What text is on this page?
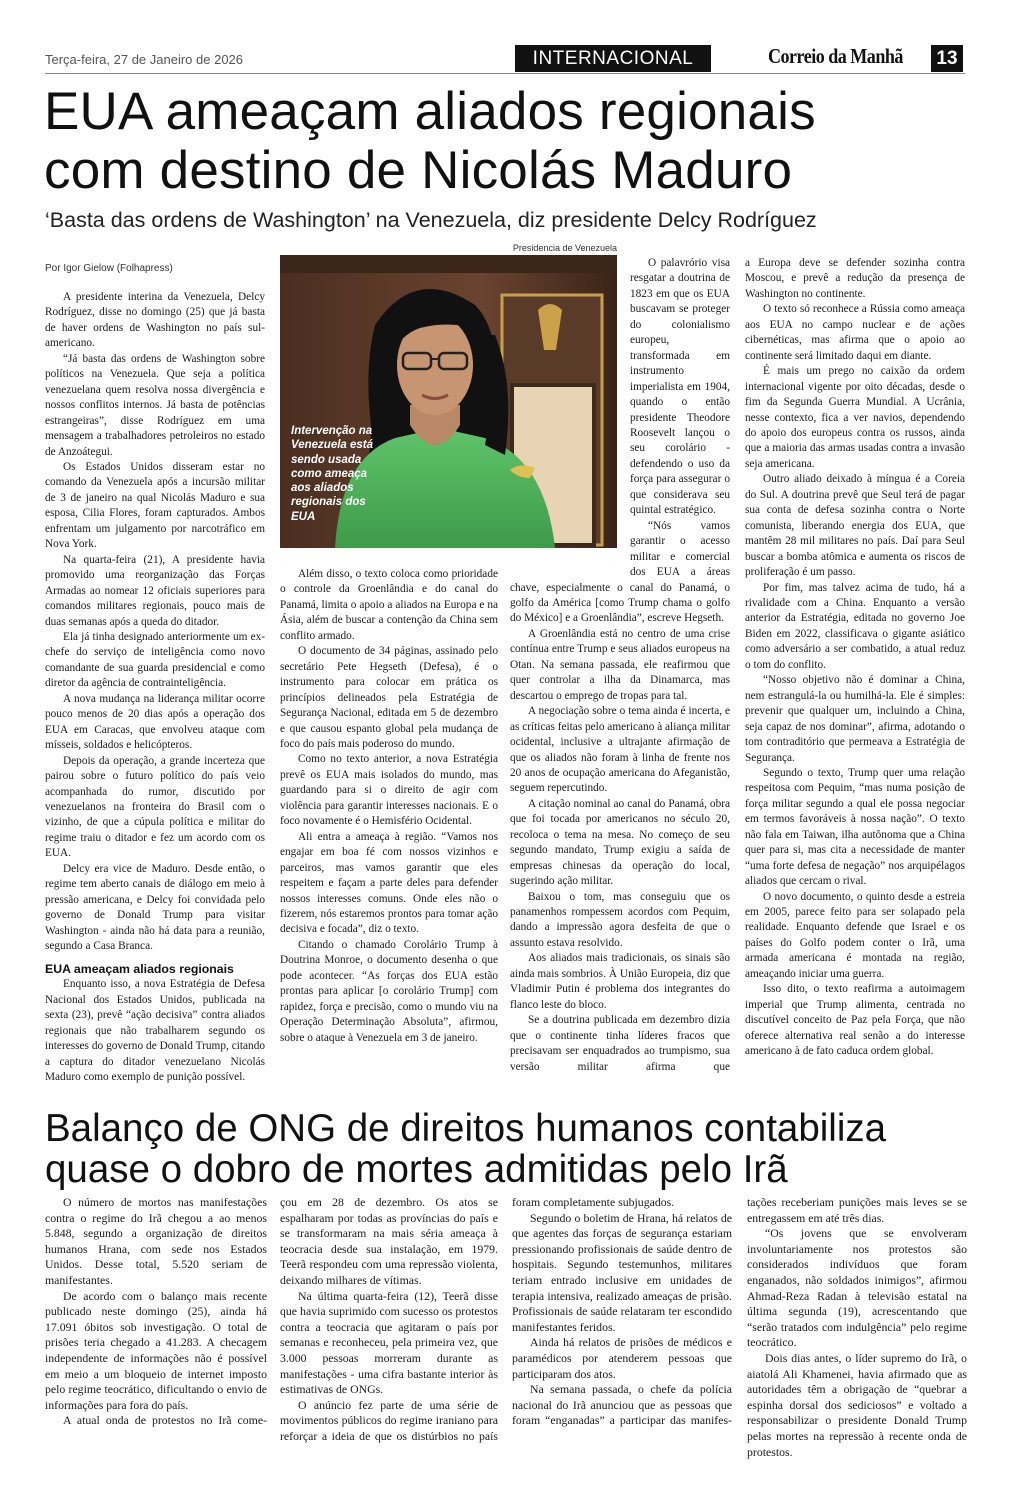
Terça-feira, 27 de Janeiro de 2026	INTERNACIONAL	Correio da Manhã 13
EUA ameaçam aliados regionais
com destino de Nicolás Maduro
‘Basta das ordens de Washington’ na Venezuela, diz presidente Delcy Rodríguez
Por Igor Gielow (Folhapress)
Presidencia de Venezuela
Intervenção na Venezuela está sendo usada como ameaça aos aliados regionais dos EUA

A presidente interina da Venezuela, Delcy Rodríguez, disse no domingo (25) que já basta de haver ordens de Washington no país sul-americano.

“Já basta das ordens de Washington sobre políticos na Venezuela. Que seja a política venezuelana quem resolva nossa divergência e nossos conflitos internos. Já basta de potências estrangeiras”, disse Rodríguez em uma mensagem a trabalhadores petroleiros no estado de Anzoátegui.

Os Estados Unidos disseram estar no comando da Venezuela após a incursão militar de 3 de janeiro na qual Nicolás Maduro e sua esposa, Cilia Flores, foram capturados. Ambos enfrentam um julgamento por narcotráfico em Nova York.

Na quarta-feira (21), A presidente havia promovido uma reorganização das Forças Armadas ao nomear 12 oficiais superiores para comandos militares regionais, pouco mais de duas semanas após a queda do ditador.

Ela já tinha designado anteriormente um ex-chefe do serviço de inteligência como novo comandante de sua guarda presidencial e como diretor da agência de contrainteligência.

A nova mudança na liderança militar ocorre pouco menos de 20 dias após a operação dos EUA em Caracas, que envolveu ataque com mísseis, soldados e helicópteros.

Depois da operação, a grande incerteza que pairou sobre o futuro político do país veio acompanhada do rumor, discutido por venezuelanos na fronteira do Brasil com o vizinho, de que a cúpula política e militar do regime traiu o ditador e fez um acordo com os EUA.

Delcy era vice de Maduro. Desde então, o regime tem aberto canais de diálogo em meio à pressão americana, e Delcy foi convidada pelo governo de Donald Trump para visitar Washington - ainda não há data para a reunião, segundo a Casa Branca.

EUA ameaçam aliados regionais

Enquanto isso, a nova Estratégia de Defesa Nacional dos Estados Unidos, publicada na sexta (23), prevê “ação decisiva” contra aliados regionais que não trabalharem segundo os interesses do governo de Donald Trump, citando a captura do ditador venezuelano Nicolás Maduro como exemplo de punição possível.

Além disso, o texto coloca como prioridade o controle da Groenlândia e do canal do Panamá, limita o apoio a aliados na Europa e na Ásia, além de buscar a contenção da China sem conflito armado.

O documento de 34 páginas, assinado pelo secretário Pete Hegseth (Defesa), é o instrumento para colocar em prática os princípios delineados pela Estratégia de Segurança Nacional, editada em 5 de dezembro e que causou espanto global pela mudança de foco do país mais poderoso do mundo.

Como no texto anterior, a nova Estratégia prevê os EUA mais isolados do mundo, mas guardando para si o direito de agir com violência para garantir interesses nacionais. E o foco novamente é o Hemisfério Ocidental.

Ali entra a ameaça à região. “Vamos nos engajar em boa fé com nossos vizinhos e parceiros, mas vamos garantir que eles respeitem e façam a parte deles para defender nossos interesses comuns. Onde eles não o fizerem, nós estaremos prontos para tomar ação decisiva e focada”, diz o texto.

Citando o chamado Corolário Trump à Doutrina Monroe, o documento desenha o que pode acontecer. “As forças dos EUA estão prontas para aplicar [o corolário Trump] com rapidez, força e precisão, como o mundo viu na Operação Determinação Absoluta”, afirmou, sobre o ataque à Venezuela em 3 de janeiro.

O palavrório visa resgatar a doutrina de 1823 em que os EUA buscavam se proteger do colonialismo europeu, transformada em instrumento imperialista em 1904, quando o então presidente Theodore Roosevelt lançou o seu corolário - defendendo o uso da força para assegurar o que considerava seu quintal estratégico.

“Nós vamos garantir o acesso militar e comercial dos EUA a áreas chave, especialmente o canal do Panamá, o golfo da América [como Trump chama o golfo do México] e a Groenlândia”, escreve Hegseth.

A Groenlândia está no centro de uma crise contínua entre Trump e seus aliados europeus na Otan. Na semana passada, ele reafirmou que quer controlar a ilha da Dinamarca, mas descartou o emprego de tropas para tal.

A negociação sobre o tema ainda é incerta, e as críticas feitas pelo americano à aliança militar ocidental, inclusive a ultrajante afirmação de que os aliados não foram à linha de frente nos 20 anos de ocupação americana do Afeganistão, seguem repercutindo.

A citação nominal ao canal do Panamá, obra que foi tocada por americanos no século 20, recoloca o tema na mesa. No começo de seu segundo mandato, Trump exigiu a saída de empresas chinesas da operação do local, sugerindo ação militar.

Baixou o tom, mas conseguiu que os panamenhos rompessem acordos com Pequim, dando a impressão agora desfeita de que o assunto estava resolvido.

Aos aliados mais tradicionais, os sinais são ainda mais sombrios. À União Europeia, diz que Vladimir Putin é problema dos integrantes do flanco leste do bloco.

Se a doutrina publicada em dezembro dizia que o continente tinha líderes fracos que precisavam ser enquadrados ao trumpismo, sua versão militar afirma que

a Europa deve se defender sozinha contra Moscou, e prevê a redução da presença de Washington no continente.

O texto só reconhece a Rússia como ameaça aos EUA no campo nuclear e de ações cibernéticas, mas afirma que o apoio ao continente será limitado daqui em diante.

É mais um prego no caixão da ordem internacional vigente por oito décadas, desde o fim da Segunda Guerra Mundial. A Ucrânia, nesse contexto, fica a ver navios, dependendo do apoio dos europeus contra os russos, ainda que a maioria das armas usadas contra a invasão seja americana.

Outro aliado deixado à míngua é a Coreia do Sul. A doutrina prevê que Seul terá de pagar sua conta de defesa sozinha contra o Norte comunista, liberando energia dos EUA, que mantêm 28 mil militares no país. Daí para Seul buscar a bomba atômica e aumenta os riscos de proliferação é um passo.

Por fim, mas talvez acima de tudo, há a rivalidade com a China. Enquanto a versão anterior da Estratégia, editada no governo Joe Biden em 2022, classificava o gigante asiático como adversário a ser combatido, a atual reduz o tom do conflito.

“Nosso objetivo não é dominar a China, nem estrangulá-la ou humilhá-la. Ele é simples: prevenir que qualquer um, incluindo a China, seja capaz de nos dominar”, afirma, adotando o tom contraditório que permeava a Estratégia de Segurança.

Segundo o texto, Trump quer uma relação respeitosa com Pequim, “mas numa posição de força militar segundo a qual ele possa negociar em termos favoráveis à nossa nação”. O texto não fala em Taiwan, ilha autônoma que a China quer para si, mas cita a necessidade de manter “uma forte defesa de negação” nos arquipélagos aliados que cercam o rival.

O novo documento, o quinto desde a estreia em 2005, parece feito para ser solapado pela realidade. Enquanto defende que Israel e os países do Golfo podem conter o Irã, uma armada americana é montada na região, ameaçando iniciar uma guerra.

Isso dito, o texto reafirma a autoimagem imperial que Trump alimenta, centrada no discutível conceito de Paz pela Força, que não oferece alternativa real senão a do interesse americano à de fato caduca ordem global.

Balanço de ONG de direitos humanos contabiliza
quase o dobro de mortes admitidas pelo Irã

O número de mortos nas manifestações contra o regime do Irã chegou a ao menos 5.848, segundo a organização de direitos humanos Hrana, com sede nos Estados Unidos. Desse total, 5.520 seriam de manifestantes.

De acordo com o balanço mais recente publicado neste domingo (25), ainda há 17.091 óbitos sob investigação. O total de prisões teria chegado a 41.283. A checagem independente de informações não é possível em meio a um bloqueio de internet imposto pelo regime teocrático, dificultando o envio de informações para fora do país.

A atual onda de protestos no Irã come-

çou em 28 de dezembro. Os atos se espalharam por todas as províncias do país e se transformaram na mais séria ameaça à teocracia desde sua instalação, em 1979. Teerã respondeu com uma repressão violenta, deixando milhares de vítimas.

Na última quarta-feira (12), Teerã disse que havia suprimido com sucesso os protestos contra a teocracia que agitaram o país por semanas e reconheceu, pela primeira vez, que 3.000 pessoas morreram durante as manifestações - uma cifra bastante interior às estimativas de ONGs.

O anúncio fez parte de uma série de movimentos públicos do regime iraniano para reforçar a ideia de que os distúrbios no país

foram completamente subjugados.

Segundo o boletim de Hrana, há relatos de que agentes das forças de segurança estariam pressionando profissionais de saúde dentro de hospitais. Segundo testemunhos, militares teriam entrado inclusive em unidades de terapia intensiva, realizado ameaças de prisão. Profissionais de saúde relataram ter escondido manifestantes feridos.

Ainda há relatos de prisões de médicos e paramédicos por atenderem pessoas que participaram dos atos.

Na semana passada, o chefe da polícia nacional do Irã anunciou que as pessoas que foram “enganadas” a participar das manifes-

tações receberiam punições mais leves se se entregassem em até três dias.

“Os jovens que se envolveram involuntariamente nos protestos são considerados indivíduos que foram enganados, não soldados inimigos”, afirmou Ahmad-Reza Radan à televisão estatal na última segunda (19), acrescentando que “serão tratados com indulgência” pelo regime teocrático.

Dois dias antes, o líder supremo do Irã, o aiatolá Ali Khamenei, havia afirmado que as autoridades têm a obrigação de “quebrar a espinha dorsal dos sediciosos” e voltado a responsabilizar o presidente Donald Trump pelas mortes na repressão à recente onda de protestos.
